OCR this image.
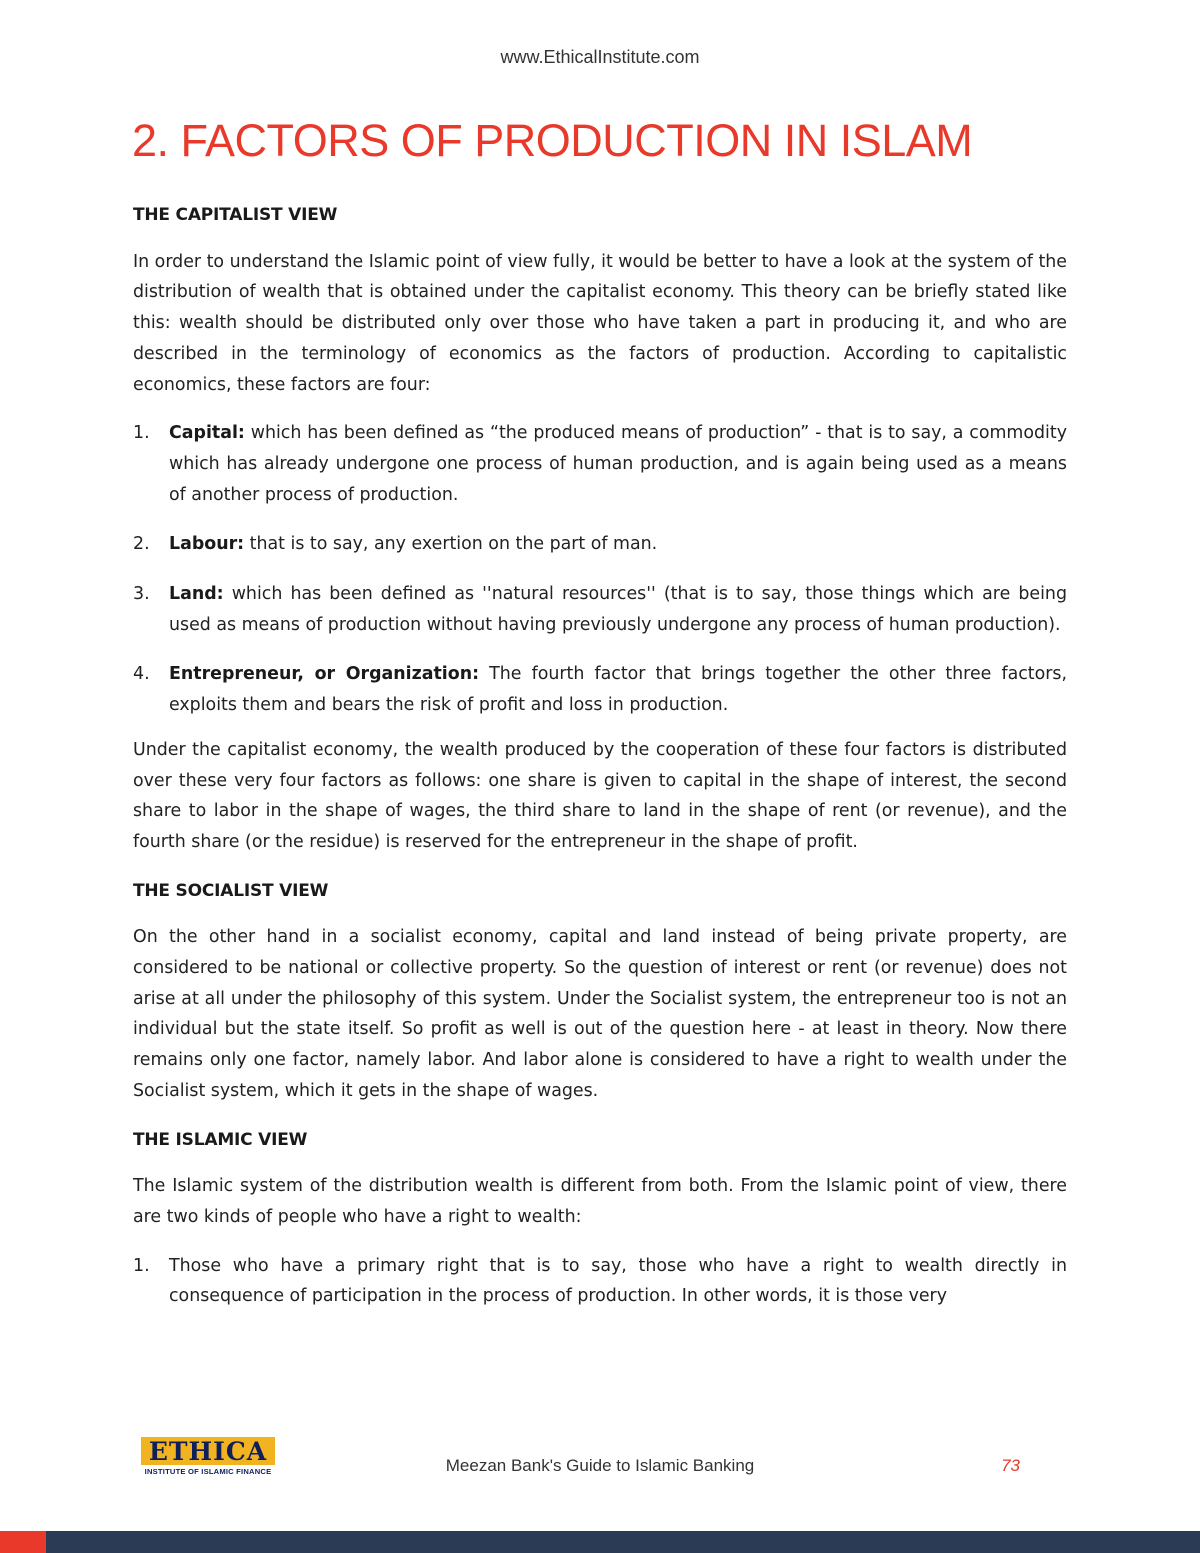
www.EthicalInstitute.com
2. FACTORS OF PRODUCTION IN ISLAM
THE CAPITALIST VIEW

In order to understand the Islamic point of view fully, it would be better to have a look at the system of the distribution of wealth that is obtained under the capitalist economy. This theory can be briefly stated like this: wealth should be distributed only over those who have taken a part in producing it, and who are described in the terminology of economics as the factors of production. According to capitalistic economics, these factors are four:

1. Capital: which has been defined as “the produced means of production” - that is to say, a commodity which has already undergone one process of human production, and is again being used as a means of another process of production.
2. Labour: that is to say, any exertion on the part of man.
3. Land: which has been defined as ''natural resources'' (that is to say, those things which are being used as means of production without having previously undergone any process of human production).
4. Entrepreneur, or Organization: The fourth factor that brings together the other three factors, exploits them and bears the risk of profit and loss in production.

Under the capitalist economy, the wealth produced by the cooperation of these four factors is distributed over these very four factors as follows: one share is given to capital in the shape of interest, the second share to labor in the shape of wages, the third share to land in the shape of rent (or revenue), and the fourth share (or the residue) is reserved for the entrepreneur in the shape of profit.

THE SOCIALIST VIEW

On the other hand in a socialist economy, capital and land instead of being private property, are considered to be national or collective property. So the question of interest or rent (or revenue) does not arise at all under the philosophy of this system. Under the Socialist system, the entrepreneur too is not an individual but the state itself. So profit as well is out of the question here - at least in theory. Now there remains only one factor, namely labor. And labor alone is considered to have a right to wealth under the Socialist system, which it gets in the shape of wages.

THE ISLAMIC VIEW

The Islamic system of the distribution wealth is different from both. From the Islamic point of view, there are two kinds of people who have a right to wealth:

1. Those who have a primary right that is to say, those who have a right to wealth directly in consequence of participation in the process of production. In other words, it is those very
ETHICA
INSTITUTE OF ISLAMIC FINANCE	Meezan Bank's Guide to Islamic Banking	73
